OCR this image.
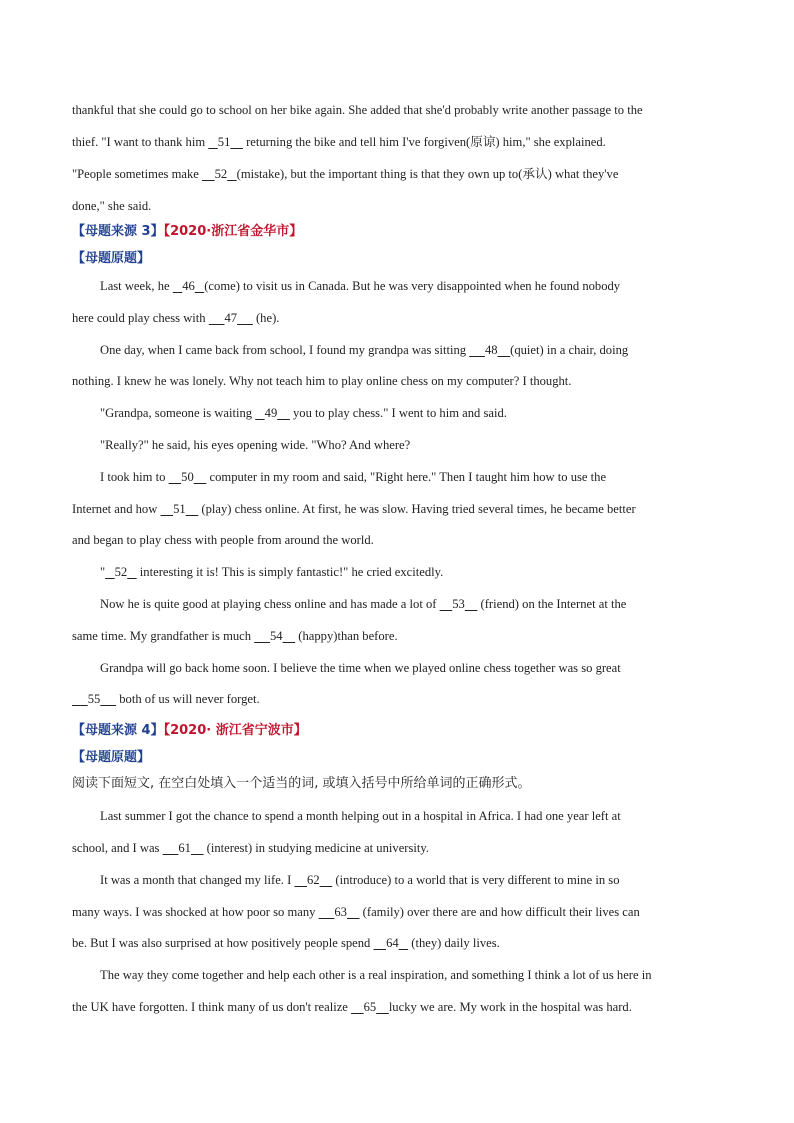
thankful that she could go to school on her bike again. She added that she'd probably write another passage to the
thief. "I want to thank him    51     returning the bike and tell him I've forgiven(原谅) him," she explained.
"People sometimes make     52 (mistake), but the important thing is that they own up to(承认) what they've
done," she said.
【母题来源 3】【2020·浙江省金华市】
【母题原题】
Last week, he    46 (come) to visit us in Canada. But he was very disappointed when he found nobody
here could play chess with      47      (he).
One day, when I came back from school, I found my grandpa was sitting      48 (quiet) in a chair, doing
nothing. I knew he was lonely. Why not teach him to play online chess on my computer? I thought.
"Grandpa, someone is waiting    49     you to play chess." I went to him and said.
"Really?" he said, his eyes opening wide. "Who? And where?
I took him to     50     computer in my room and said, "Right here." Then I taught him how to use the
Internet and how     51     (play) chess online. At first, he was slow. Having tried several times, he became better
and began to play chess with people from around the world.
" 52    interesting it is! This is simply fantastic!" he cried excitedly.
Now he is quite good at playing chess online and has made a lot of     53     (friend) on the Internet at the
same time. My grandfather is much      54     (happy)than before.
Grandpa will go back home soon. I believe the time when we played online chess together was so great
55      both of us will never forget.
【母题来源 4】【2020· 浙江省宁波市】
【母题原题】
阅读下面短文, 在空白处填入一个适当的词, 或填入括号中所给单词的正确形式。
Last summer I got the chance to spend a month helping out in a hospital in Africa. I had one year left at
school, and I was      61     (interest) in studying medicine at university.
It was a month that changed my life. I     62     (introduce) to a world that is very different to mine in so
many ways. I was shocked at how poor so many      63     (family) over there are and how difficult their lives can
be. But I was also surprised at how positively people spend     64    (they) daily lives.
The way they come together and help each other is a real inspiration, and something I think a lot of us here in
the UK have forgotten. I think many of us don't realize     65 lucky we are. My work in the hospital was hard.
